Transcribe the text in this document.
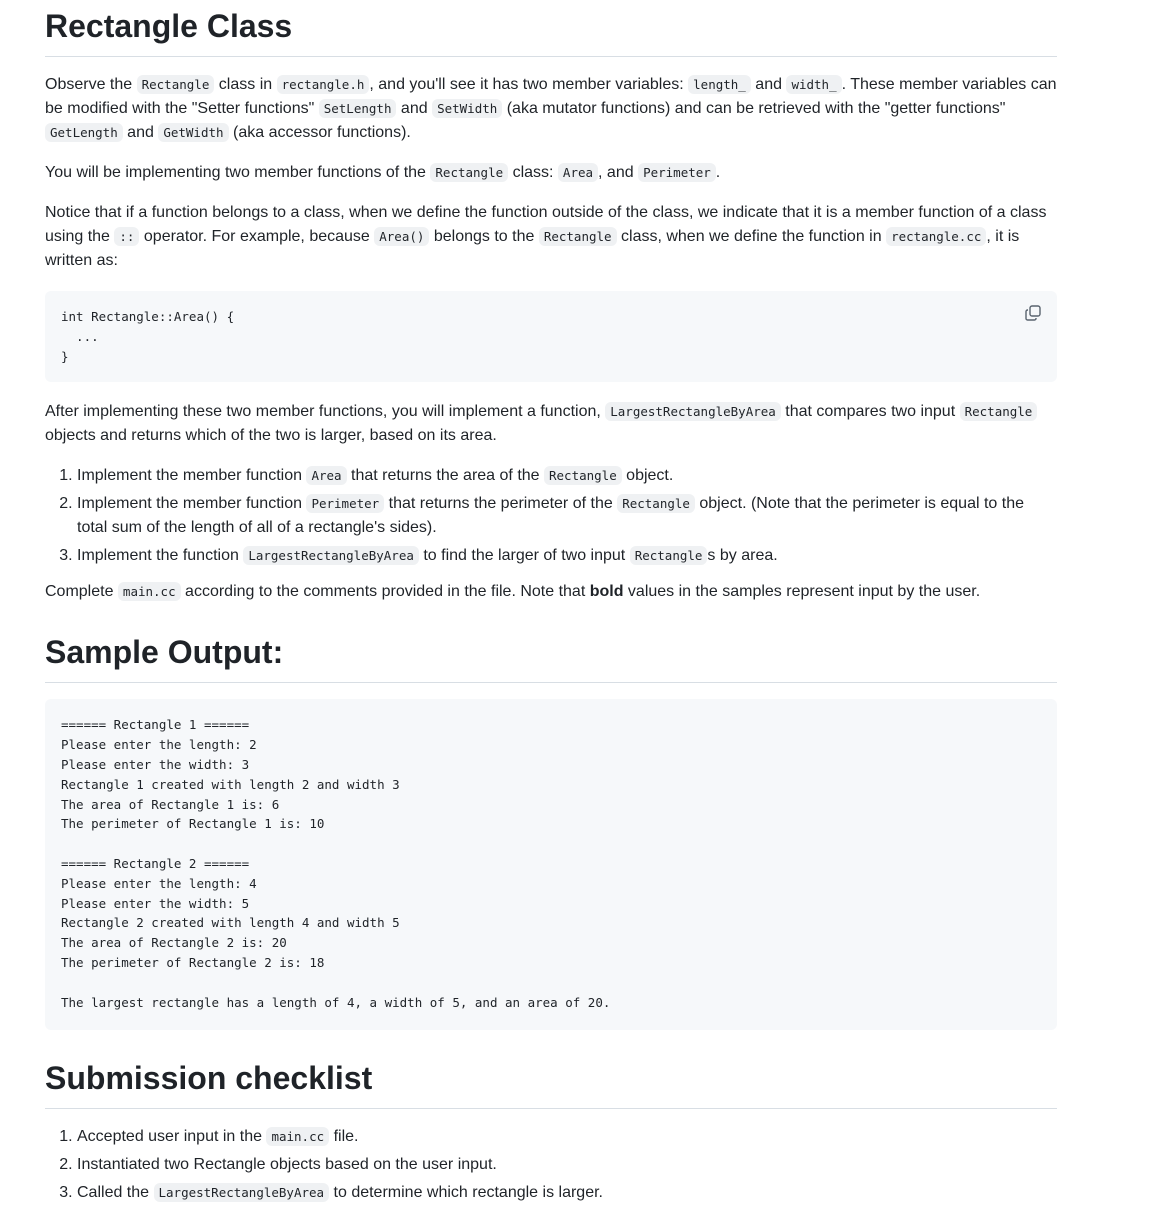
Rectangle Class

Observe the Rectangle class in rectangle.h , and you'll see it has two member variables: length_ and width_ . These member variables can be modified with the "Setter functions" SetLength and SetWidth (aka mutator functions) and can be retrieved with the "getter functions" GetLength and GetWidth (aka accessor functions).

You will be implementing two member functions of the Rectangle class: Area , and Perimeter .

Notice that if a function belongs to a class, when we define the function outside of the class, we indicate that it is a member function of a class using the :: operator. For example, because Area() belongs to the Rectangle class, when we define the function in rectangle.cc , it is written as:

int Rectangle::Area() {
...
}

After implementing these two member functions, you will implement a function, LargestRectangleByArea that compares two input Rectangle objects and returns which of the two is larger, based on its area.

1. Implement the member function Area that returns the area of the Rectangle object.
2. Implement the member function Perimeter that returns the perimeter of the Rectangle object. (Note that the perimeter is equal to the total sum of the length of all of a rectangle's sides).
3. Implement the function LargestRectangleByArea to find the larger of two input Rectangle s by area.

Complete main.cc according to the comments provided in the file. Note that bold values in the samples represent input by the user.

Sample Output:
====== Rectangle 1 ======
Please enter the length: 2
Please enter the width: 3
Rectangle 1 created with length 2 and width 3
The area of Rectangle 1 is: 6
The perimeter of Rectangle 1 is: 10

====== Rectangle 2 ======
Please enter the length: 4
Please enter the width: 5
Rectangle 2 created with length 4 and width 5
The area of Rectangle 2 is: 20
The perimeter of Rectangle 2 is: 18

The largest rectangle has a length of 4, a width of 5, and an area of 20.
Submission checklist
1. Accepted user input in the main.cc file.
2. Instantiated two Rectangle objects based on the user input.
3. Called the LargestRectangleByArea to determine which rectangle is larger.
